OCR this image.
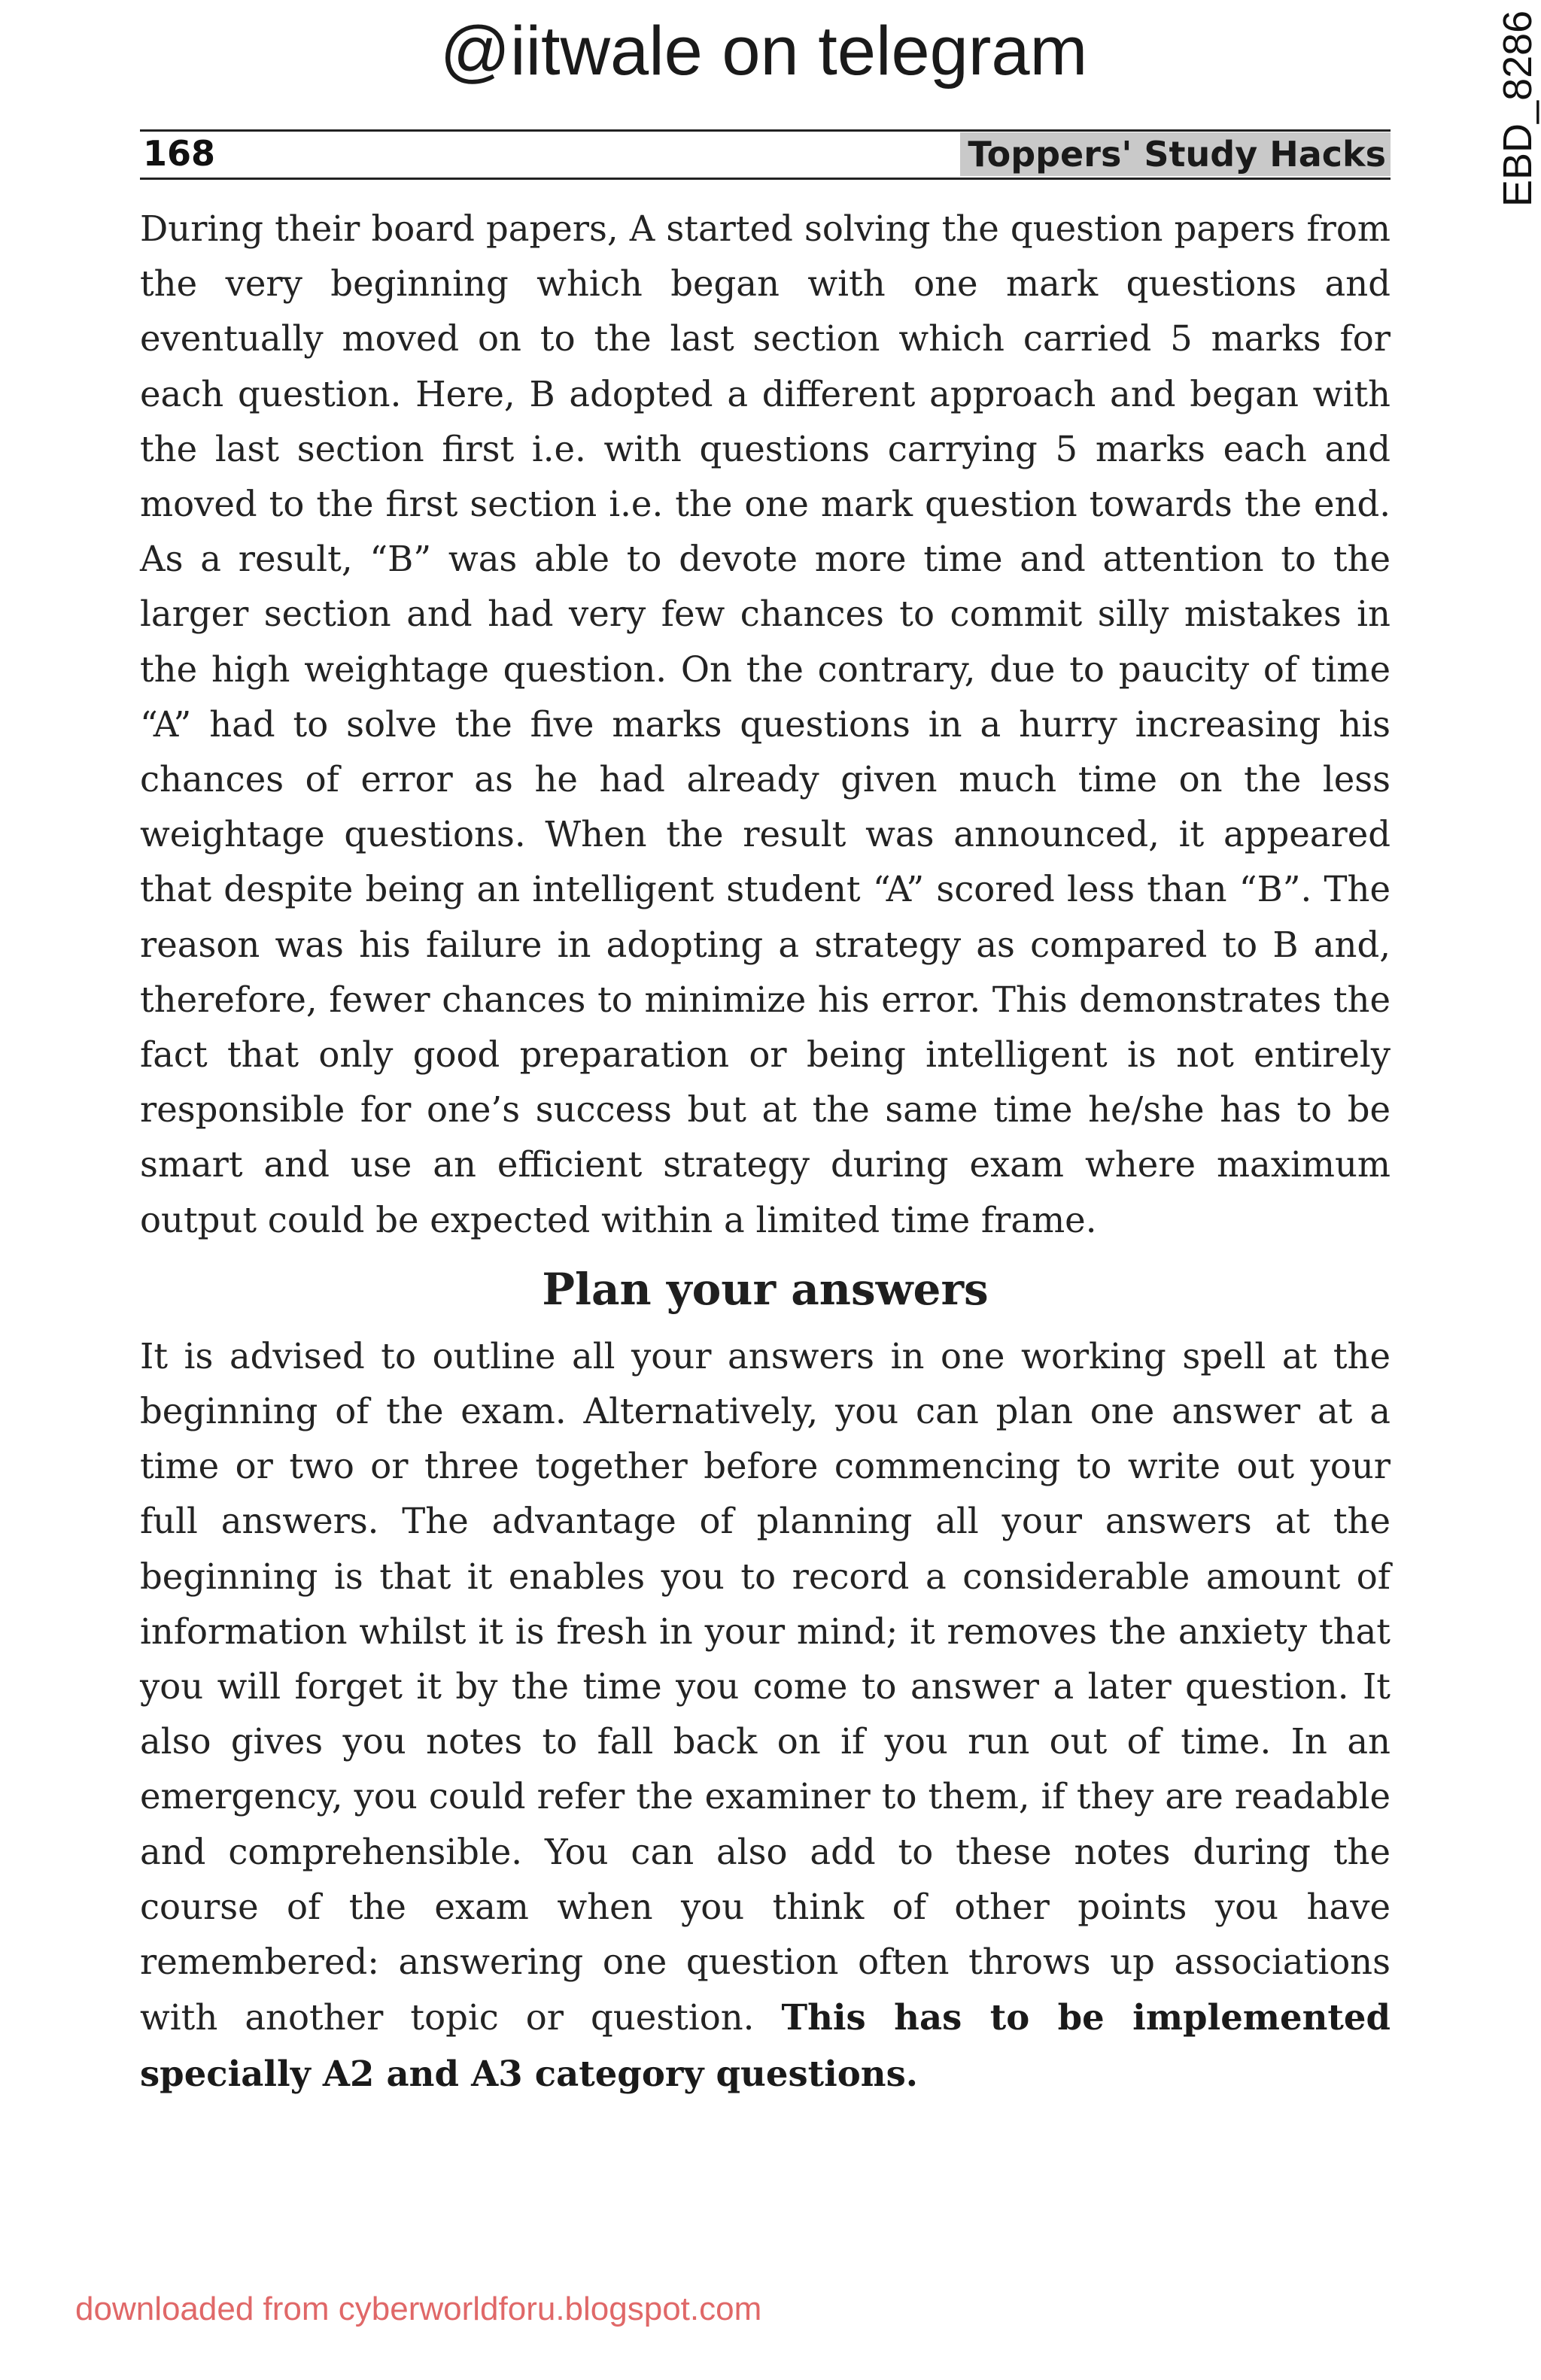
@iitwale on telegram	EBD_8286
168	Toppers' Study Hacks

During their board papers, A started solving the question papers from the very beginning which began with one mark questions and eventually moved on to the last section which carried 5 marks for each question. Here, B adopted a different approach and began with the last section first i.e. with questions carrying 5 marks each and moved to the first section i.e. the one mark question towards the end. As a result, “B” was able to devote more time and attention to the larger section and had very few chances to commit silly mistakes in the high weightage question. On the contrary, due to paucity of time “A” had to solve the five marks questions in a hurry increasing his chances of error as he had already given much time on the less weightage questions. When the result was announced, it appeared that despite being an intelligent student “A” scored less than “B”. The reason was his failure in adopting a strategy as compared to B and, therefore, fewer chances to minimize his error. This demonstrates the fact that only good preparation or being intelligent is not entirely responsible for one’s success but at the same time he/she has to be smart and use an efficient strategy during exam where maximum output could be expected within a limited time frame.

Plan your answers

It is advised to outline all your answers in one working spell at the beginning of the exam. Alternatively, you can plan one answer at a time or two or three together before commencing to write out your full answers. The advantage of planning all your answers at the beginning is that it enables you to record a considerable amount of information whilst it is fresh in your mind; it removes the anxiety that you will forget it by the time you come to answer a later question. It also gives you notes to fall back on if you run out of time. In an emergency, you could refer the examiner to them, if they are readable and comprehensible. You can also add to these notes during the course of the exam when you think of other points you have remembered: answering one question often throws up associations with another topic or question. This has to be implemented specially A2 and A3 category questions.

downloaded from cyberworldforu.blogspot.com
